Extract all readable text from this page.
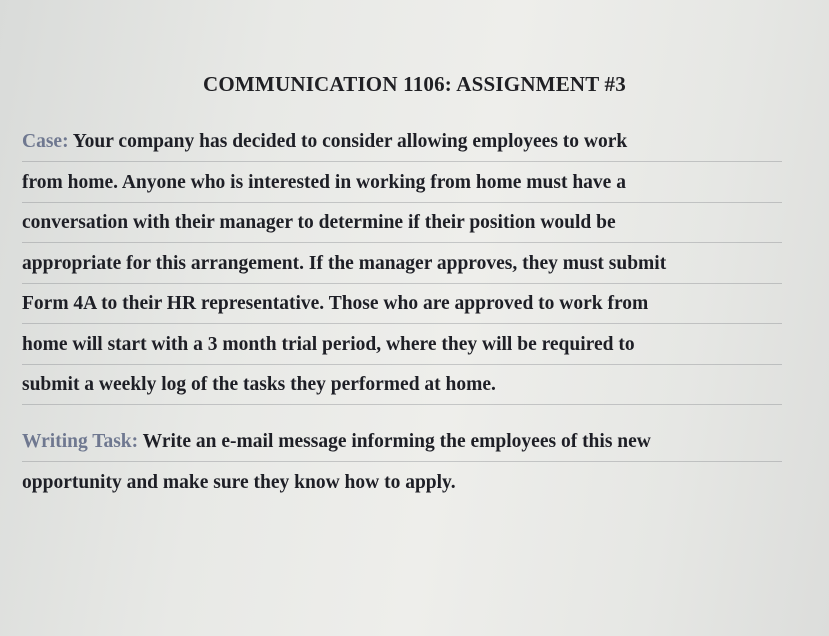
COMMUNICATION 1106: ASSIGNMENT #3

Case: Your company has decided to consider allowing employees to work
from home. Anyone who is interested in working from home must have a
conversation with their manager to determine if their position would be
appropriate for this arrangement. If the manager approves, they must submit
Form 4A to their HR representative. Those who are approved to work from
home will start with a 3 month trial period, where they will be required to
submit a weekly log of the tasks they performed at home.

Writing Task: Write an e-mail message informing the employees of this new
opportunity and make sure they know how to apply.
